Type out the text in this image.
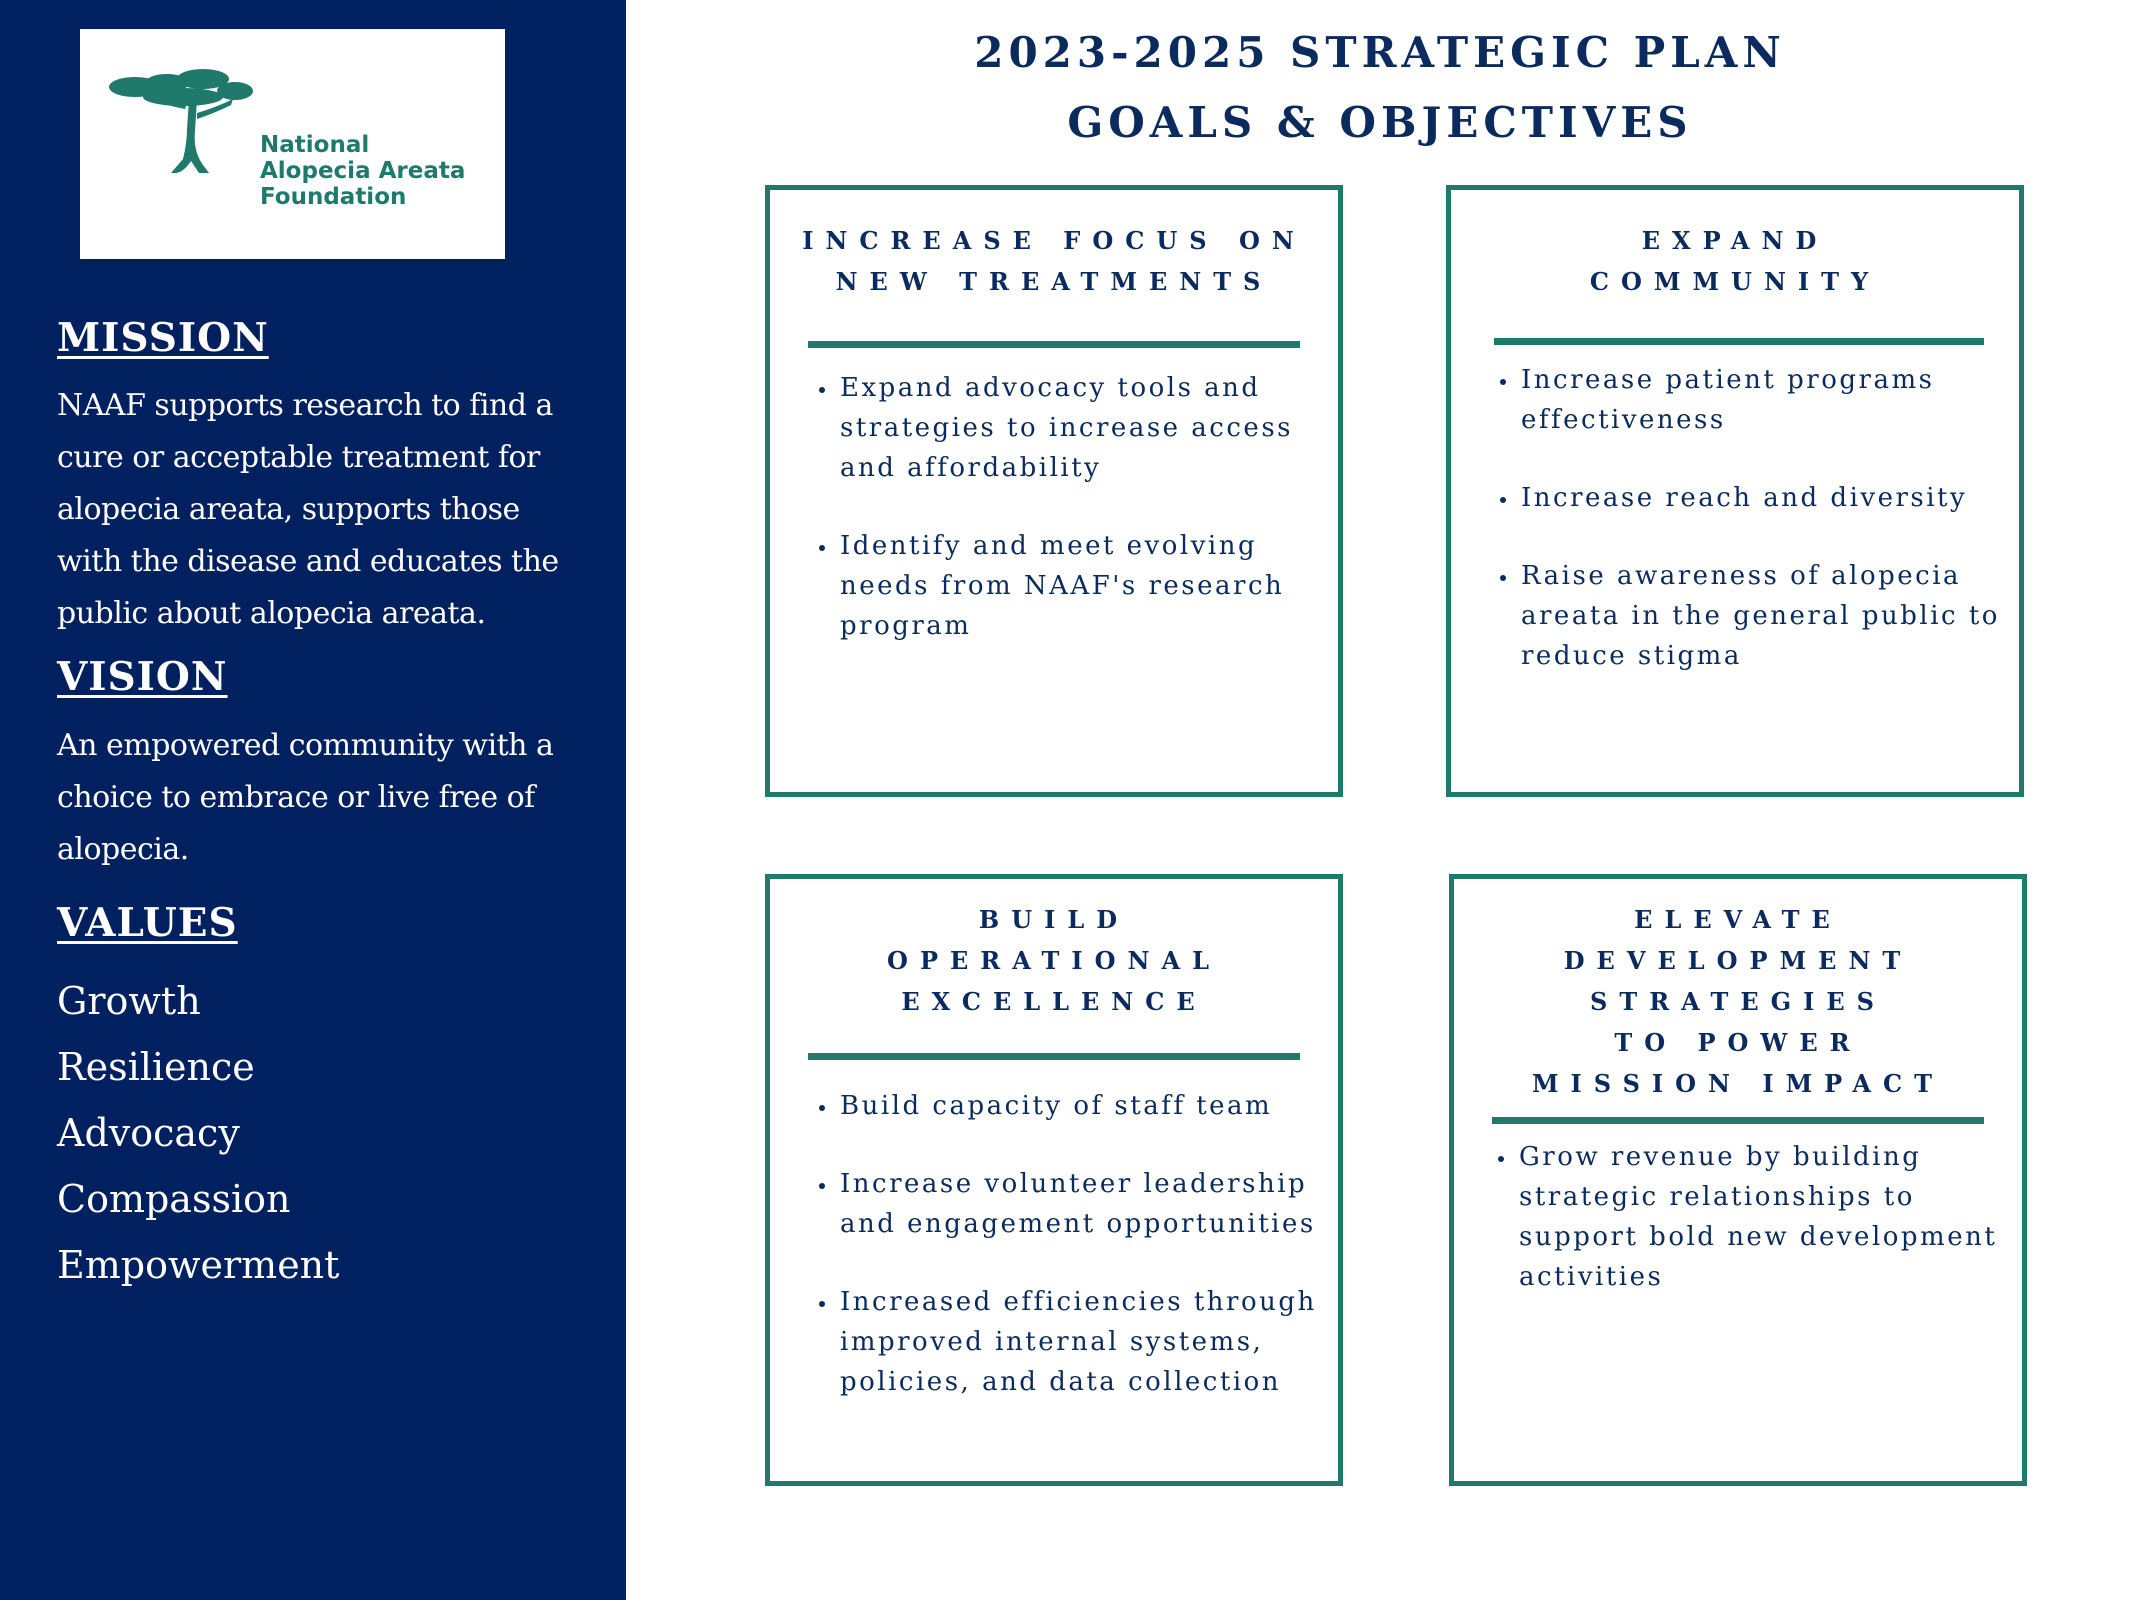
National
Alopecia Areata
Foundation
MISSION
NAAF supports research to find a cure or acceptable treatment for alopecia areata, supports those with the disease and educates the public about alopecia areata.
VISION
An empowered community with a choice to embrace or live free of alopecia.
VALUES
Growth
Resilience
Advocacy
Compassion
Empowerment
2023-2025 STRATEGIC PLAN
GOALS & OBJECTIVES
INCREASE FOCUS ON
NEW TREATMENTS
• Expand advocacy tools and strategies to increase access and affordability
• Identify and meet evolving needs from NAAF's research program
EXPAND
COMMUNITY
• Increase patient programs effectiveness
• Increase reach and diversity
• Raise awareness of alopecia areata in the general public to reduce stigma
BUILD
OPERATIONAL
EXCELLENCE
• Build capacity of staff team
• Increase volunteer leadership and engagement opportunities
• Increased efficiencies through improved internal systems, policies, and data collection
ELEVATE
DEVELOPMENT
STRATEGIES
TO POWER
MISSION IMPACT
• Grow revenue by building strategic relationships to support bold new development activities
